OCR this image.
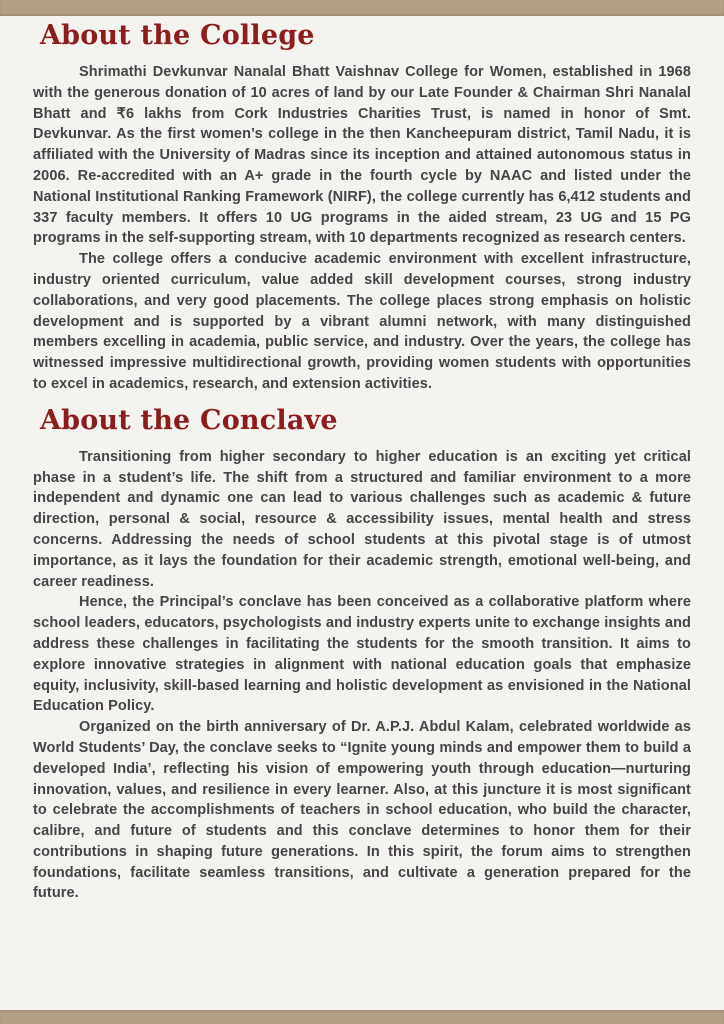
About the College

Shrimathi Devkunvar Nanalal Bhatt Vaishnav College for Women, established in 1968 with the generous donation of 10 acres of land by our Late Founder & Chairman Shri Nanalal Bhatt and ₹6 lakhs from Cork Industries Charities Trust, is named in honor of Smt. Devkunvar. As the first women’s college in the then Kancheepuram district, Tamil Nadu, it is affiliated with the University of Madras since its inception and attained autonomous status in 2006. Re-accredited with an A+ grade in the fourth cycle by NAAC and listed under the National Institutional Ranking Framework (NIRF), the college currently has 6,412 students and 337 faculty members. It offers 10 UG programs in the aided stream, 23 UG and 15 PG programs in the self-supporting stream, with 10 departments recognized as research centers.

The college offers a conducive academic environment with excellent infrastructure, industry oriented curriculum, value added skill development courses, strong industry collaborations, and very good placements. The college places strong emphasis on holistic development and is supported by a vibrant alumni network, with many distinguished members excelling in academia, public service, and industry. Over the years, the college has witnessed impressive multidirectional growth, providing women students with opportunities to excel in academics, research, and extension activities.

About the Conclave

Transitioning from higher secondary to higher education is an exciting yet critical phase in a student’s life. The shift from a structured and familiar environment to a more independent and dynamic one can lead to various challenges such as academic & future direction, personal & social, resource & accessibility issues, mental health and stress concerns. Addressing the needs of school students at this pivotal stage is of utmost importance, as it lays the foundation for their academic strength, emotional well-being, and career readiness.

Hence, the Principal’s conclave has been conceived as a collaborative platform where school leaders, educators, psychologists and industry experts unite to exchange insights and address these challenges in facilitating the students for the smooth transition. It aims to explore innovative strategies in alignment with national education goals that emphasize equity, inclusivity, skill-based learning and holistic development as envisioned in the National Education Policy.

Organized on the birth anniversary of Dr. A.P.J. Abdul Kalam, celebrated worldwide as World Students’ Day, the conclave seeks to “Ignite young minds and empower them to build a developed India’, reflecting his vision of empowering youth through education—nurturing innovation, values, and resilience in every learner. Also, at this juncture it is most significant to celebrate the accomplishments of teachers in school education, who build the character, calibre, and future of students and this conclave determines to honor them for their contributions in shaping future generations. In this spirit, the forum aims to strengthen foundations, facilitate seamless transitions, and cultivate a generation prepared for the future.
